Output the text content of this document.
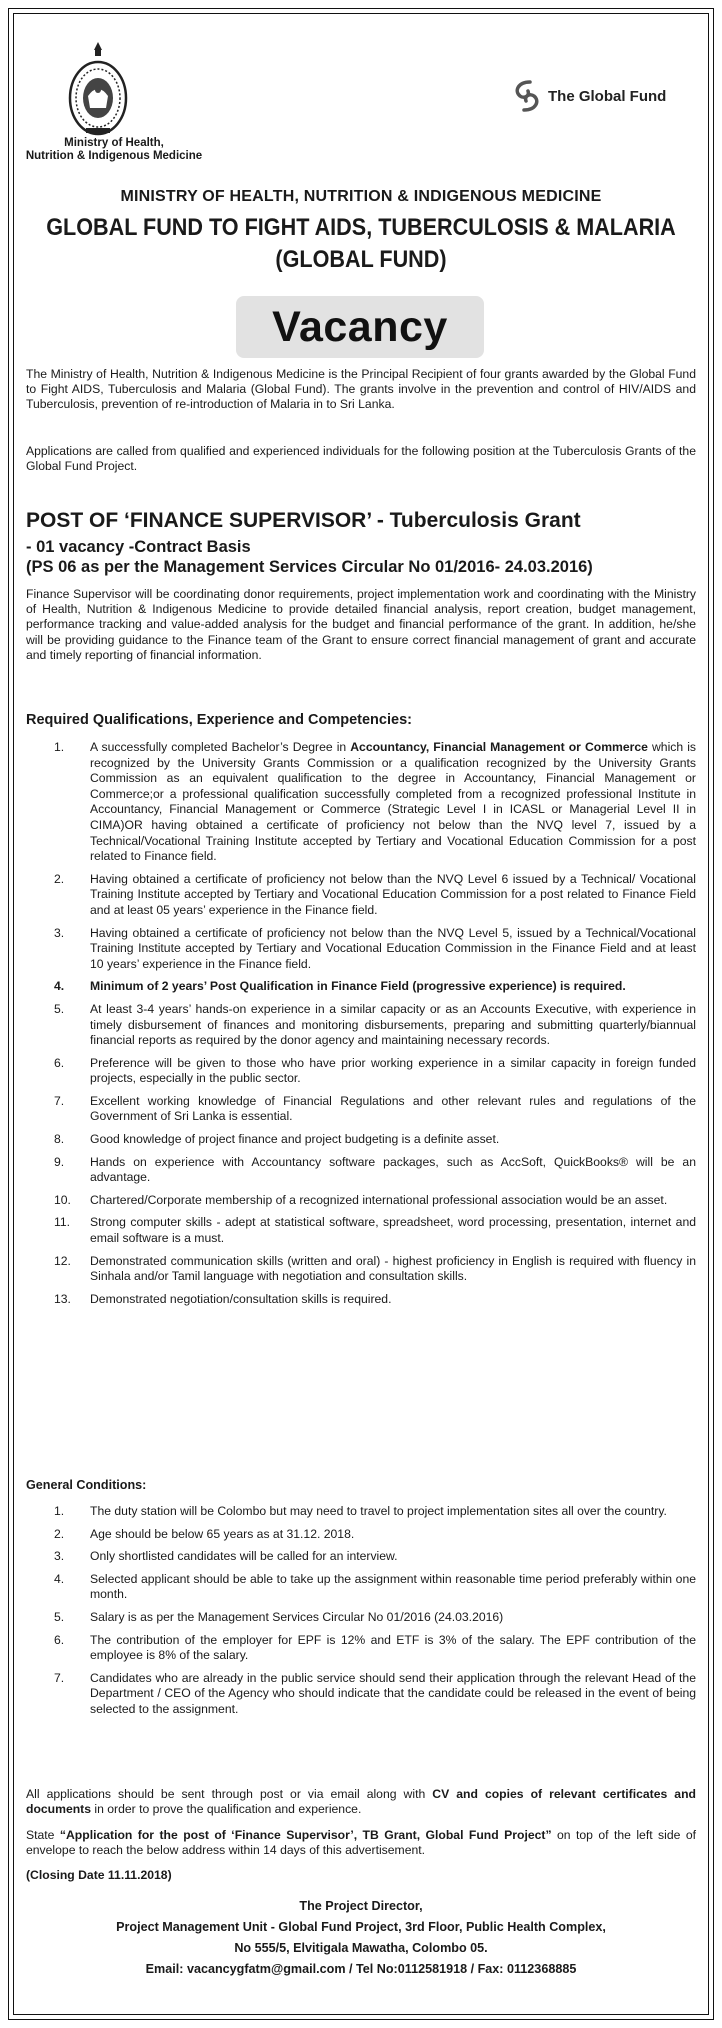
Ministry of Health,
Nutrition & Indigenous Medicine
The Global Fund
MINISTRY OF HEALTH, NUTRITION & INDIGENOUS MEDICINE
GLOBAL FUND TO FIGHT AIDS, TUBERCULOSIS & MALARIA
(GLOBAL FUND)
Vacancy
The Ministry of Health, Nutrition & Indigenous Medicine is the Principal Recipient of four grants awarded by the Global Fund to Fight AIDS, Tuberculosis and Malaria (Global Fund). The grants involve in the prevention and control of HIV/AIDS and Tuberculosis, prevention of re-introduction of Malaria in to Sri Lanka.
Applications are called from qualified and experienced individuals for the following position at the Tuberculosis Grants of the Global Fund Project.
POST OF ‘FINANCE SUPERVISOR’ - Tuberculosis Grant
- 01 vacancy -Contract Basis
(PS 06 as per the Management Services Circular No 01/2016- 24.03.2016)
Finance Supervisor will be coordinating donor requirements, project implementation work and coordinating with the Ministry of Health, Nutrition & Indigenous Medicine to provide detailed financial analysis, report creation, budget management, performance tracking and value-added analysis for the budget and financial performance of the grant. In addition, he/she will be providing guidance to the Finance team of the Grant to ensure correct financial management of grant and accurate and timely reporting of financial information.
Required Qualifications, Experience and Competencies:
1.	A successfully completed Bachelor’s Degree in Accountancy, Financial Management or Commerce which is recognized by the University Grants Commission or a qualification recognized by the University Grants Commission as an equivalent qualification to the degree in Accountancy, Financial Management or Commerce;or a professional qualification successfully completed from a recognized professional Institute in Accountancy, Financial Management or Commerce (Strategic Level I in ICASL or Managerial Level II in CIMA)OR having obtained a certificate of proficiency not below than the NVQ level 7, issued by a Technical/Vocational Training Institute accepted by Tertiary and Vocational Education Commission for a post related to Finance field.
2.	Having obtained a certificate of proficiency not below than the NVQ Level 6 issued by a Technical/ Vocational Training Institute accepted by Tertiary and Vocational Education Commission for a post related to Finance Field and at least 05 years’ experience in the Finance field.
3.	Having obtained a certificate of proficiency not below than the NVQ Level 5, issued by a Technical/Vocational Training Institute accepted by Tertiary and Vocational Education Commission in the Finance Field and at least 10 years’ experience in the Finance field.
4.	Minimum of 2 years’ Post Qualification in Finance Field (progressive experience) is required.
5.	At least 3-4 years’ hands-on experience in a similar capacity or as an Accounts Executive, with experience in timely disbursement of finances and monitoring disbursements, preparing and submitting quarterly/biannual financial reports as required by the donor agency and maintaining necessary records.
6.	Preference will be given to those who have prior working experience in a similar capacity in foreign funded projects, especially in the public sector.
7.	Excellent working knowledge of Financial Regulations and other relevant rules and regulations of the Government of Sri Lanka is essential.
8.	Good knowledge of project finance and project budgeting is a definite asset.
9.	Hands on experience with Accountancy software packages, such as AccSoft, QuickBooks® will be an advantage.
10.	Chartered/Corporate membership of a recognized international professional association would be an asset.
11.	Strong computer skills - adept at statistical software, spreadsheet, word processing, presentation, internet and email software is a must.
12.	Demonstrated communication skills (written and oral) - highest proficiency in English is required with fluency in Sinhala and/or Tamil language with negotiation and consultation skills.
13.	Demonstrated negotiation/consultation skills is required.
General Conditions:
1.	The duty station will be Colombo but may need to travel to project implementation sites all over the country.
2.	Age should be below 65 years as at 31.12. 2018.
3.	Only shortlisted candidates will be called for an interview.
4.	Selected applicant should be able to take up the assignment within reasonable time period preferably within one month.
5.	Salary is as per the Management Services Circular No 01/2016 (24.03.2016)
6.	The contribution of the employer for EPF is 12% and ETF is 3% of the salary. The EPF contribution of the employee is 8% of the salary.
7.	Candidates who are already in the public service should send their application through the relevant Head of the Department / CEO of the Agency who should indicate that the candidate could be released in the event of being selected to the assignment.
All applications should be sent through post or via email along with CV and copies of relevant certificates and documents in order to prove the qualification and experience.
State “Application for the post of ‘Finance Supervisor’, TB Grant, Global Fund Project” on top of the left side of envelope to reach the below address within 14 days of this advertisement.
(Closing Date 11.11.2018)
The Project Director,
Project Management Unit - Global Fund Project, 3rd Floor, Public Health Complex,
No 555/5, Elvitigala Mawatha, Colombo 05.
Email: vacancygfatm@gmail.com / Tel No:0112581918 / Fax: 0112368885
